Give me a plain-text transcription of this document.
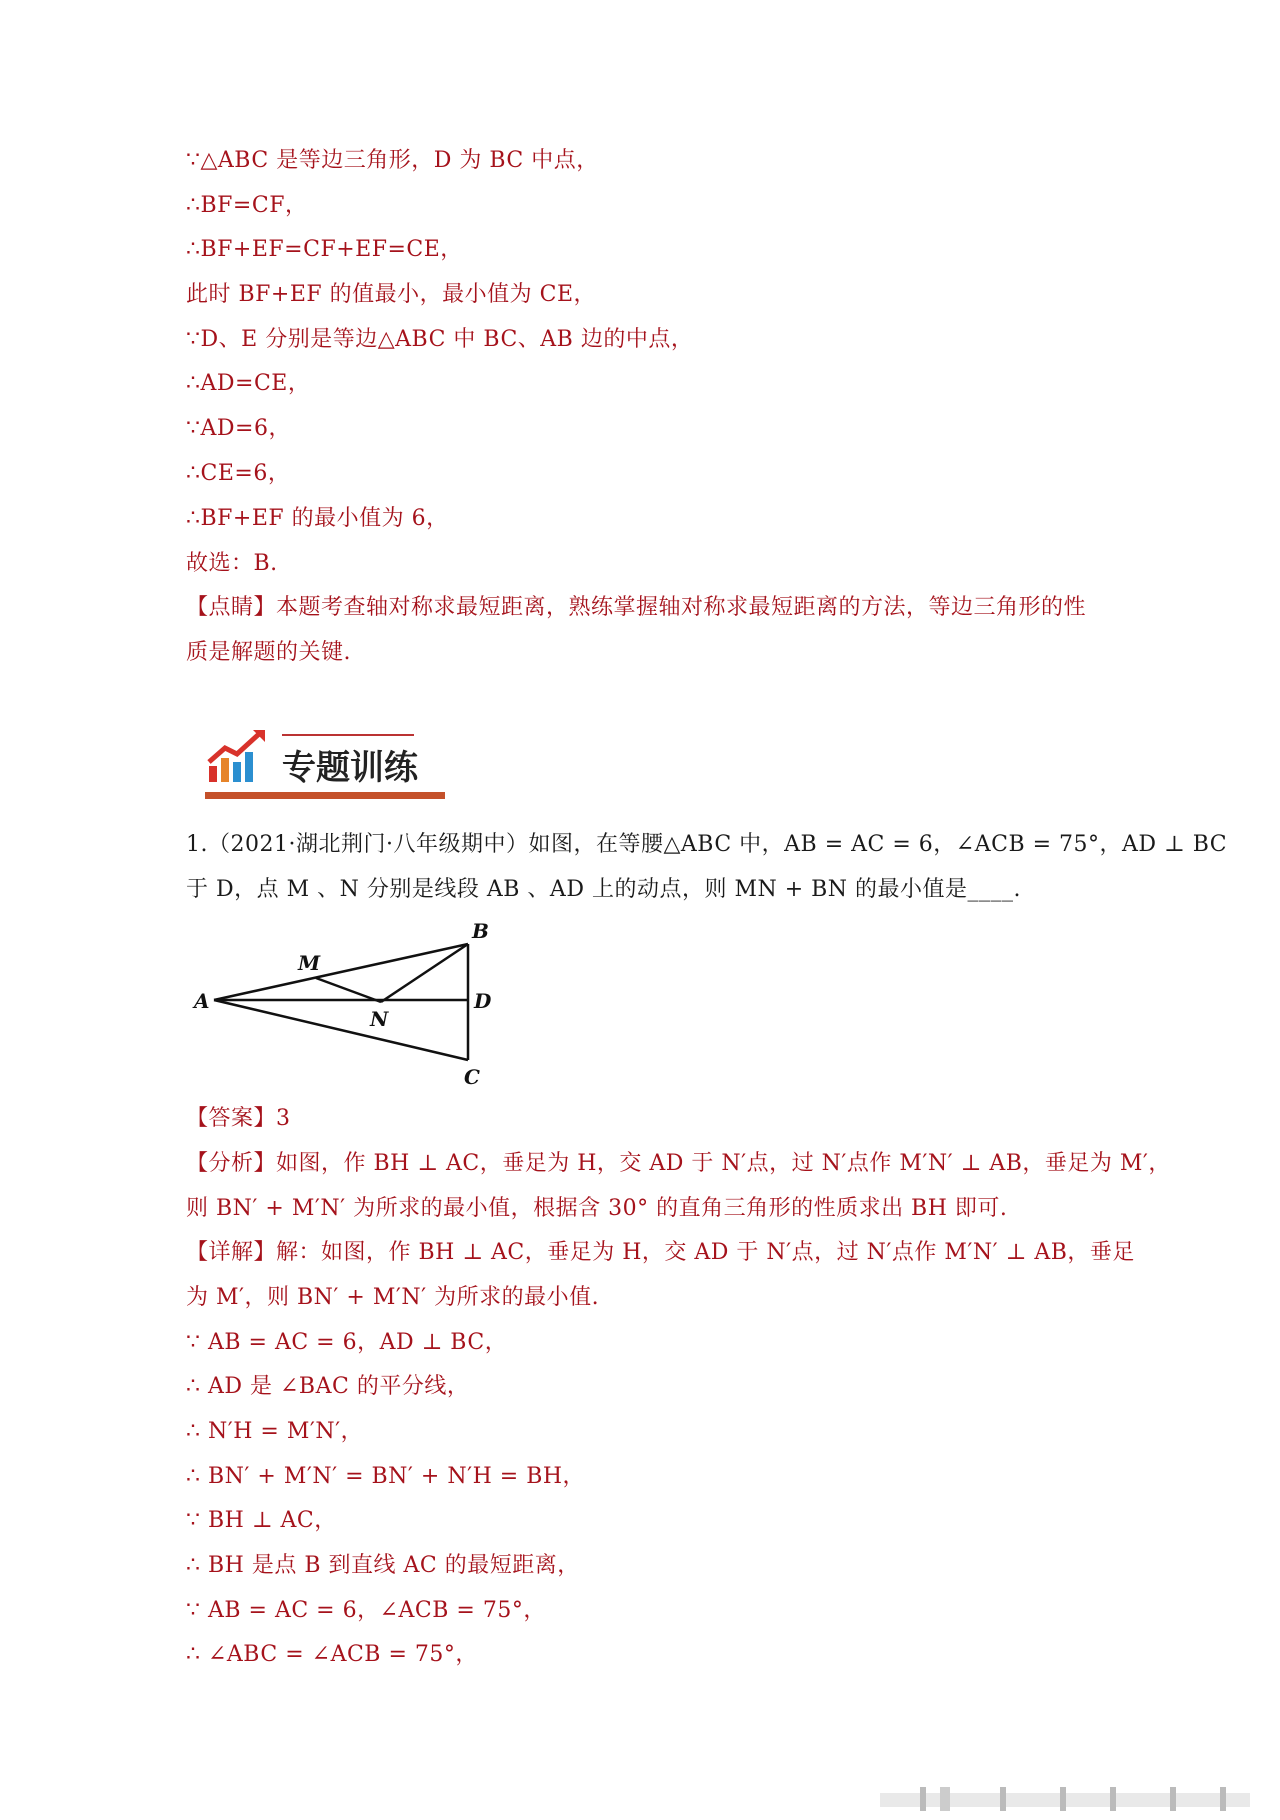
∵△ABC 是等边三角形，D 为 BC 中点，
∴BF=CF，
∴BF+EF=CF+EF=CE，
此时 BF+EF 的值最小，最小值为 CE，
∵D、E 分别是等边△ABC 中 BC、AB 边的中点，
∴AD=CE，
∵AD=6，
∴CE=6，
∴BF+EF 的最小值为 6，
故选：B.
【点睛】本题考查轴对称求最短距离，熟练掌握轴对称求最短距离的方法，等边三角形的性
质是解题的关键.
专题训练
1.（2021·湖北荆门·八年级期中）如图，在等腰△ABC 中，AB = AC = 6，∠ACB = 75°，AD ⊥ BC
于 D，点 M 、N 分别是线段 AB 、AD 上的动点，则 MN + BN 的最小值是____.
A
B
C
D
M
N
【答案】3
【分析】如图，作 BH ⊥ AC，垂足为 H，交 AD 于 N′点，过 N′点作 M′N′ ⊥ AB，垂足为 M′，
则 BN′ + M′N′ 为所求的最小值，根据含 30° 的直角三角形的性质求出 BH 即可.
【详解】解：如图，作 BH ⊥ AC，垂足为 H，交 AD 于 N′点，过 N′点作 M′N′ ⊥ AB，垂足
为 M′，则 BN′ + M′N′ 为所求的最小值.
∵ AB = AC = 6，AD ⊥ BC，
∴ AD 是 ∠BAC 的平分线，
∴ N′H = M′N′，
∴ BN′ + M′N′ = BN′ + N′H = BH，
∵ BH ⊥ AC，
∴ BH 是点 B 到直线 AC 的最短距离，
∵ AB = AC = 6，∠ACB = 75°，
∴ ∠ABC = ∠ACB = 75°，
